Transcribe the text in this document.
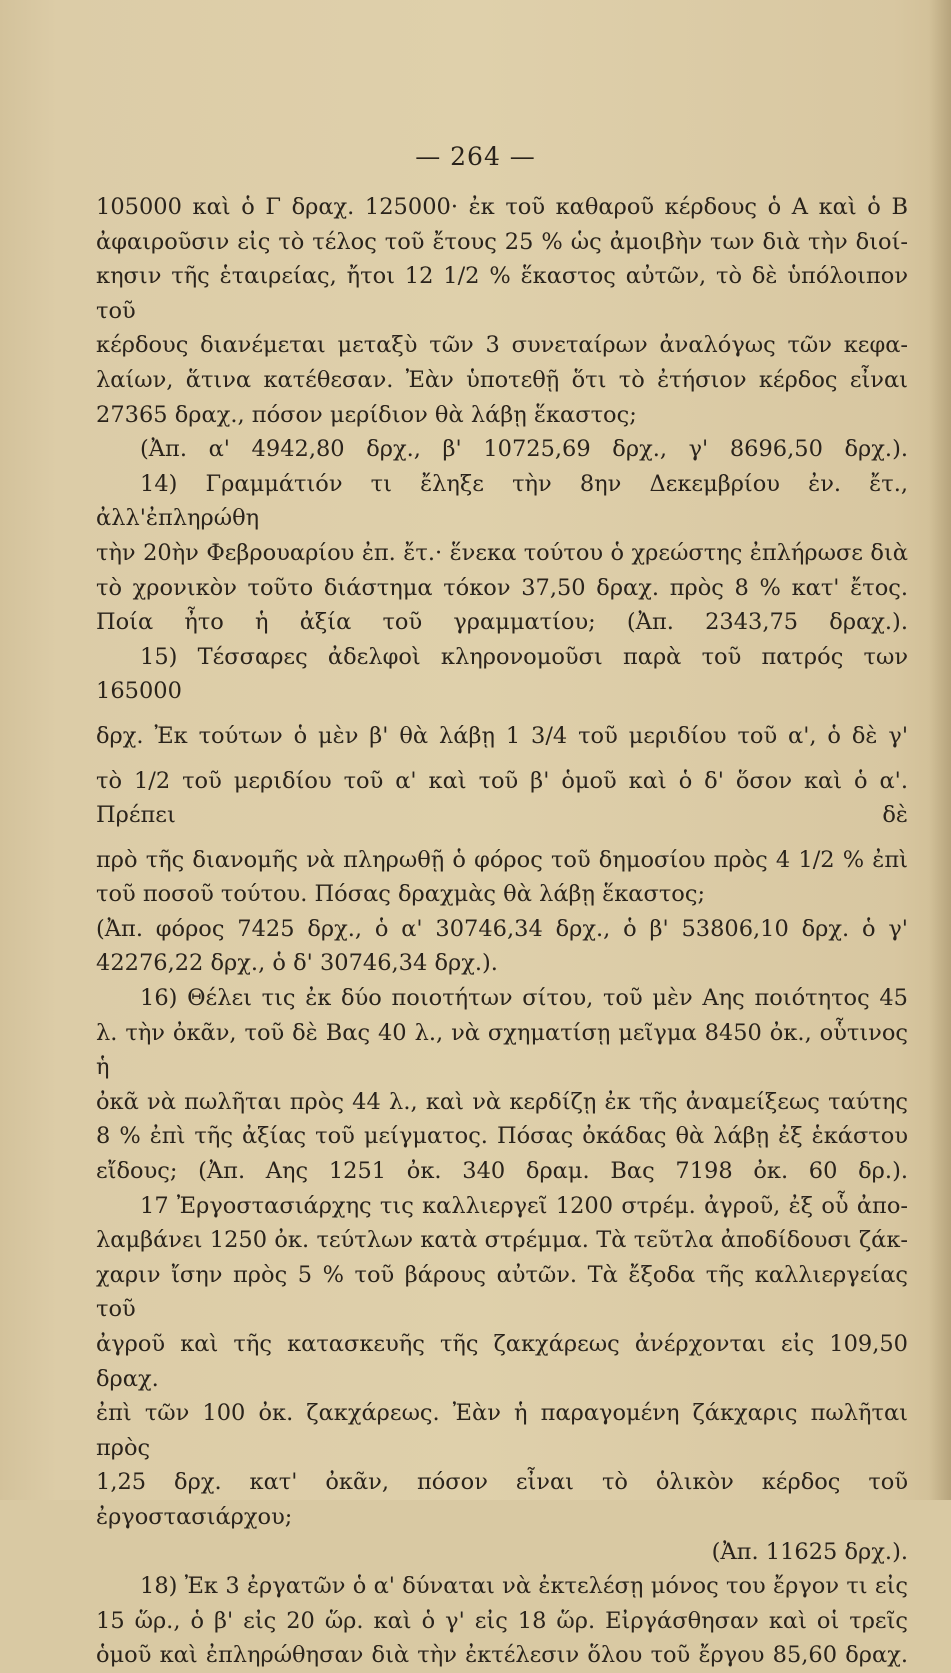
— 264 —

105000 καὶ ὁ Γ δραχ. 125000· ἐκ τοῦ καθαροῦ κέρδους ὁ Α καὶ ὁ Β

ἀφαιροῦσιν εἰς τὸ τέλος τοῦ ἔτους 25 % ὡς ἀμοιβὴν των διὰ τὴν διοί-

κησιν τῆς ἑταιρείας, ἤτοι 12 1/2 % ἕκαστος αὐτῶν, τὸ δὲ ὑπόλοιπον τοῦ

κέρδους διανέμεται μεταξὺ τῶν 3 συνεταίρων ἀναλόγως τῶν κεφα-

λαίων, ἅτινα κατέθεσαν. Ἐὰν ὑποτεθῇ ὅτι τὸ ἐτήσιον κέρδος εἶναι

27365 δραχ., πόσον μερίδιον θὰ λάβῃ ἕκαστος;

(Ἀπ. α' 4942,80 δρχ., β' 10725,69 δρχ., γ' 8696,50 δρχ.).

14) Γραμμάτιόν τι ἔληξε τὴν 8ην Δεκεμβρίου ἐν. ἔτ., ἀλλ'ἐπληρώθη

τὴν 20ὴν Φεβρουαρίου ἐπ. ἔτ.· ἕνεκα τούτου ὁ χρεώστης ἐπλήρωσε διὰ

τὸ χρονικὸν τοῦτο διάστημα τόκον 37,50 δραχ. πρὸς 8 % κατ' ἔτος.

Ποία ἦτο ἡ ἀξία τοῦ γραμματίου; (Ἀπ. 2343,75 δραχ.).

15) Τέσσαρες ἀδελφοὶ κληρονομοῦσι παρὰ τοῦ πατρός των 165000

δρχ. Ἐκ τούτων ὁ μὲν β' θὰ λάβῃ 1 3/4 τοῦ μεριδίου τοῦ α', ὁ δὲ γ'

τὸ 1/2 τοῦ μεριδίου τοῦ α' καὶ τοῦ β' ὁμοῦ καὶ ὁ δ' ὅσον καὶ ὁ α'. Πρέπει δὲ

πρὸ τῆς διανομῆς νὰ πληρωθῇ ὁ φόρος τοῦ δημοσίου πρὸς 4 1/2 % ἐπὶ

τοῦ ποσοῦ τούτου. Πόσας δραχμὰς θὰ λάβῃ ἕκαστος;

(Ἀπ. φόρος 7425 δρχ., ὁ α' 30746,34 δρχ., ὁ β' 53806,10 δρχ. ὁ γ'

42276,22 δρχ., ὁ δ' 30746,34 δρχ.).

16) Θέλει τις ἐκ δύο ποιοτήτων σίτου, τοῦ μὲν Αης ποιότητος 45

λ. τὴν ὀκᾶν, τοῦ δὲ Βας 40 λ., νὰ σχηματίσῃ μεῖγμα 8450 ὀκ., οὗτινος ἡ

ὀκᾶ νὰ πωλῆται πρὸς 44 λ., καὶ νὰ κερδίζῃ ἐκ τῆς ἀναμείξεως ταύτης

8 % ἐπὶ τῆς ἀξίας τοῦ μείγματος. Πόσας ὀκάδας θὰ λάβῃ ἐξ ἑκάστου

εἴδους; (Ἀπ. Αης 1251 ὀκ. 340 δραμ. Βας 7198 ὀκ. 60 δρ.).

17 Ἐργοστασιάρχης τις καλλιεργεῖ 1200 στρέμ. ἀγροῦ, ἐξ οὗ ἀπο-

λαμβάνει 1250 ὀκ. τεύτλων κατὰ στρέμμα. Τὰ τεῦτλα ἀποδίδουσι ζάκ-

χαριν ἴσην πρὸς 5 % τοῦ βάρους αὐτῶν. Τὰ ἔξοδα τῆς καλλιεργείας τοῦ

ἀγροῦ καὶ τῆς κατασκευῆς τῆς ζακχάρεως ἀνέρχονται εἰς 109,50 δραχ.

ἐπὶ τῶν 100 ὀκ. ζακχάρεως. Ἐὰν ἡ παραγομένη ζάκχαρις πωλῆται πρὸς

1,25 δρχ. κατ' ὀκᾶν, πόσον εἶναι τὸ ὁλικὸν κέρδος τοῦ ἐργοστασιάρχου;

(Ἀπ. 11625 δρχ.).

18) Ἐκ 3 ἐργατῶν ὁ α' δύναται νὰ ἐκτελέσῃ μόνος του ἔργον τι εἰς

15 ὥρ., ὁ β' εἰς 20 ὥρ. καὶ ὁ γ' εἰς 18 ὥρ. Εἰργάσθησαν καὶ οἱ τρεῖς

ὁμοῦ καὶ ἐπληρώθησαν διὰ τὴν ἐκτέλεσιν ὅλου τοῦ ἔργου 85,60 δραχ.
